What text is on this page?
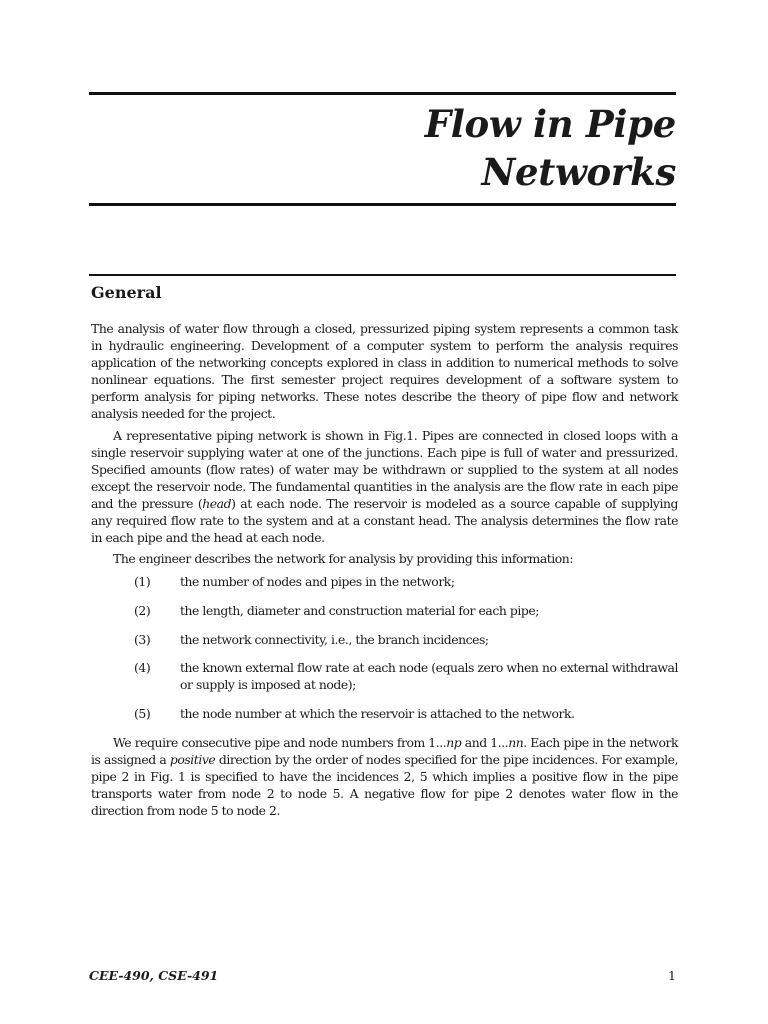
Flow in Pipe
Networks
General

The analysis of water flow through a closed, pressurized piping system represents a common task in hydraulic engineering. Development of a computer system to perform the analysis requires application of the networking concepts explored in class in addition to numerical methods to solve nonlinear equations. The first semester project requires development of a software system to perform analysis for piping networks. These notes describe the theory of pipe flow and network analysis needed for the project.

A representative piping network is shown in Fig.1. Pipes are connected in closed loops with a single reservoir supplying water at one of the junctions. Each pipe is full of water and pressurized. Specified amounts (flow rates) of water may be withdrawn or supplied to the system at all nodes except the reservoir node. The fundamental quantities in the analysis are the flow rate in each pipe and the pressure (head) at each node. The reservoir is modeled as a source capable of supplying any required flow rate to the system and at a constant head. The analysis determines the flow rate in each pipe and the head at each node.

The engineer describes the network for analysis by providing this information:

(1) the number of nodes and pipes in the network;
(2) the length, diameter and construction material for each pipe;
(3) the network connectivity, i.e., the branch incidences;
(4) the known external flow rate at each node (equals zero when no external withdrawal or supply is imposed at node);
(5) the node number at which the reservoir is attached to the network.

We require consecutive pipe and node numbers from 1...np and 1...nn. Each pipe in the network is assigned a positive direction by the order of nodes specified for the pipe incidences. For example, pipe 2 in Fig. 1 is specified to have the incidences 2, 5 which implies a positive flow in the pipe transports water from node 2 to node 5. A negative flow for pipe 2 denotes water flow in the direction from node 5 to node 2.

CEE-490, CSE-491	1
